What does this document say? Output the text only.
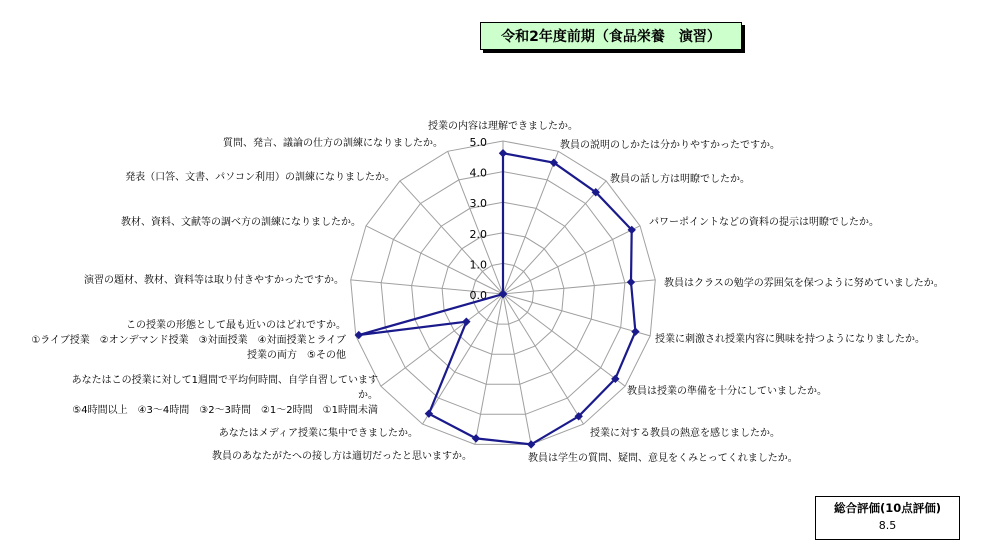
令和2年度前期（食品栄養　演習）
0.0
1.0
2.0
3.0
4.0
5.0
授業の内容は理解できましたか。
教員の説明のしかたは分かりやすかったですか。
教員の話し方は明瞭でしたか。
パワーポイントなどの資料の提示は明瞭でしたか。
教員はクラスの勉学の雰囲気を保つように努めていましたか。
授業に刺激され授業内容に興味を持つようになりましたか。
教員は授業の準備を十分にしていましたか。
授業に対する教員の熱意を感じましたか。
教員は学生の質問、疑問、意見をくみとってくれましたか。
教員のあなたがたへの接し方は適切だったと思いますか。
あなたはメディア授業に集中できましたか。
あなたはこの授業に対して1週間で平均何時間、自学自習していますか。 ⑤4時間以上　④3～4時間　③2～3時間　②1～2時間　①1時間未満
この授業の形態として最も近いのはどれですか。 ①ライブ授業　②オンデマンド授業　③対面授業　④対面授業とライブ授業の両方　⑤その他
演習の題材、教材、資料等は取り付きやすかったですか。
教材、資料、文献等の調べ方の訓練になりましたか。
発表（口答、文書、パソコン利用）の訓練になりましたか。
質問、発言、議論の仕方の訓練になりましたか。
総合評価(10点評価)
8.5
